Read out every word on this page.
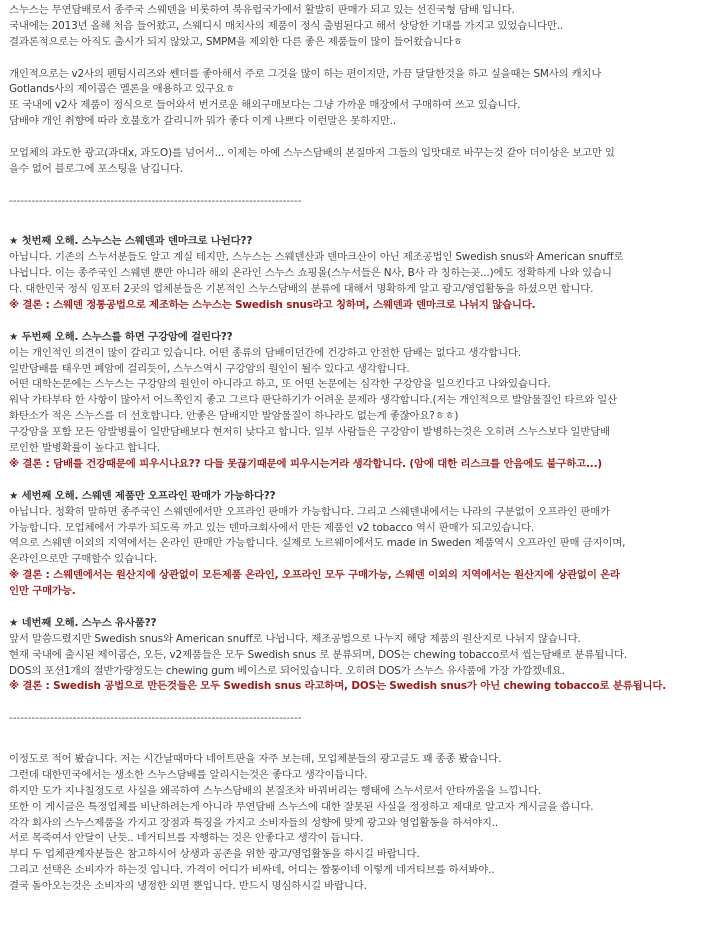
스누스는 무연담배로서 종주국 스웨덴을 비롯하여 북유럽국가에서 활발히 판매가 되고 있는 선진국형 담배 입니다.
국내에는 2013년 올해 처음 들어왔고, 스웨디시 매치사의 제품이 정식 출범된다고 해서 상당한 기대를 가지고 있었습니다만..
결과론적으로는 아직도 출시가 되지 않았고, SMPM을 제외한 다른 좋은 제품들이 많이 들어왔습니다ㅎ
개인적으로는 v2사의 펜텀시리즈와 쎈더를 좋아해서 주로 그것을 많이 하는 편이지만, 가끔 달달한것을 하고 싶을때는 SM사의 캐치나
Gotlands사의 제이콥슨 멜론을 애용하고 있구요ㅎ
또 국내에 v2사 제품이 정식으로 들어와서 번거로운 해외구매보다는 그냥 가까운 매장에서 구매하여 쓰고 있습니다.
담배야 개인 취향에 따라 호불호가 갈리니까 뭐가 좋다 이게 나쁘다 이런말은 못하지만..
모업체의 과도한 광고(과대x, 과도O)를 넘어서... 이제는 아예 스누스담배의 본질마저 그들의 입맛대로 바꾸는것 같아 더이상은 보고만 있
을수 없어 블로그에 포스팅을 남깁니다.
------------------------------------------------------------------------------
★ 첫번째 오해. 스누스는 스웨덴과 덴마크로 나뉜다??
아닙니다. 기존의 스누서분들도 알고 계실 테지만, 스누스는 스웨덴산과 덴마크산이 아닌 제조공법인 Swedish snus와 American snuff로
나뉩니다. 이는 종주국인 스웨덴 뿐만 아니라 해외 온라인 스누스 쇼핑몰(스누서들은 N사, B사 라 칭하는곳...)에도 정확하게 나와 있습니
다. 대한민국 정식 임포터 2곳의 업체분들은 기본적인 스누스담배의 분류에 대해서 명확하게 알고 광고/영업활동을 하셨으면 합니다.
※ 결론 : 스웨덴 정통공법으로 제조하는 스누스는 Swedish snus라고 칭하며, 스웨덴과 덴마크로 나뉘지 않습니다.
★ 두번째 오해. 스누스를 하면 구강암에 걸린다??
이는 개인적인 의견이 많이 갈리고 있습니다. 어떤 종류의 담배이던간에 건강하고 안전한 담배는 없다고 생각합니다.
일반담배를 태우면 폐암에 걸리듯이, 스누스역시 구강암의 원인이 될수 있다고 생각합니다.
어떤 대학논문에는 스누스는 구강암의 원인이 아니라고 하고, 또 어떤 논문에는 심각한 구강암을 일으킨다고 나와있습니다.
워낙 가타부타 한 사항이 많아서 어느쪽인지 좋고 그르다 판단하기가 어려운 문제라 생각합니다.(저는 개인적으로 발암물질인 타르와 일산
화탄소가 적은 스누스를 더 선호합니다. 안좋은 담배지만 발암물질이 하나라도 없는게 좋잖아요?ㅎㅎ)
구강암을 포함 모든 암발병률이 일반담배보다 현저히 낮다고 합니다. 일부 사람들은 구강암이 발병하는것은 오히려 스누스보다 일반담배
로인한 발병확률이 높다고 합니다.
※ 결론 : 담배를 건강때문에 피우시나요?? 다들 못끊기때문에 피우시는거라 생각합니다. (암에 대한 리스크를 안음에도 불구하고...)
★ 세번째 오해. 스웨덴 제품만 오프라인 판매가 가능하다??
아닙니다. 정확히 말하면 종주국인 스웨덴에서만 오프라인 판매가 가능합니다. 그리고 스웨덴내에서는 나라의 구분없이 오프라인 판매가
가능합니다. 모업체에서 가루가 되도록 까고 있는 덴마크회사에서 만든 제품인 v2 tobacco 역시 판매가 되고있습니다.
역으로 스웨덴 이외의 지역에서는 온라인 판매만 가능합니다. 실제로 노르웨이에서도 made in Sweden 제품역시 오프라인 판매 금지이며,
온라인으로만 구매할수 있습니다.
※ 결론 : 스웨덴에서는 원산지에 상관없이 모든제품 온라인, 오프라인 모두 구매가능, 스웨덴 이외의 지역에서는 원산지에 상관없이 온라
인만 구매가능.
★ 네번째 오해. 스누스 유사품??
앞서 말씀드렸지만 Swedish snus와 American snuff로 나뉩니다. 제조공법으로 나누지 해당 제품의 원산지로 나뉘지 않습니다.
현재 국내에 출시된 제이콥슨, 오든, v2제품들은 모두 Swedish snus 로 분류되며, DOS는 chewing tobacco로서 씹는담배로 분류됩니다.
DOS의 포션1개의 절반가량정도는 chewing gum 베이스로 되어있습니다. 오히려 DOS가 스누스 유사품에 가장 가깝겠네요.
※ 결론 : Swedish 공법으로 만든것들은 모두 Swedish snus 라고하며, DOS는 Swedish snus가 아닌 chewing tobacco로 분류됩니다.
------------------------------------------------------------------------------
이정도로 적어 봤습니다. 저는 시간날때마다 네이트판을 자주 보는데, 모업체분들의 광고글도 꽤 종종 봤습니다.
그런데 대한민국에서는 생소한 스누스담배를 알리시는것은 좋다고 생각이듭니다.
하지만 도가 지나칠정도로 사실을 왜곡하여 스누스담배의 본질조차 바꿔버리는 행태에 스누서로서 안타까움을 느낍니다.
또한 이 게시글은 특정업체를 비난하려는게 아니라 무연담배 스누스에 대한 잘못된 사실을 정정하고 제대로 알고자 게시글을 씁니다.
각각 회사의 스누스제품을 가지고 장점과 특징을 가지고 소비자들의 성향에 맞게 광고와 영업활동을 하셔야지..
서로 목죽여서 안달이 난듯.. 네거티브를 자행하는 것은 안좋다고 생각이 듭니다.
부디 두 업체관계자분들은 참고하시어 상생과 공존을 위한 광고/영업활동을 하시길 바랍니다.
그리고 선택은 소비자가 하는것 입니다. 가격이 어디가 비싸네, 어디는 짭퉁이네 이렇게 네거티브를 하셔봐야..
결국 돌아오는것은 소비자의 냉정한 외면 뿐입니다. 반드시 명심하시길 바랍니다.
